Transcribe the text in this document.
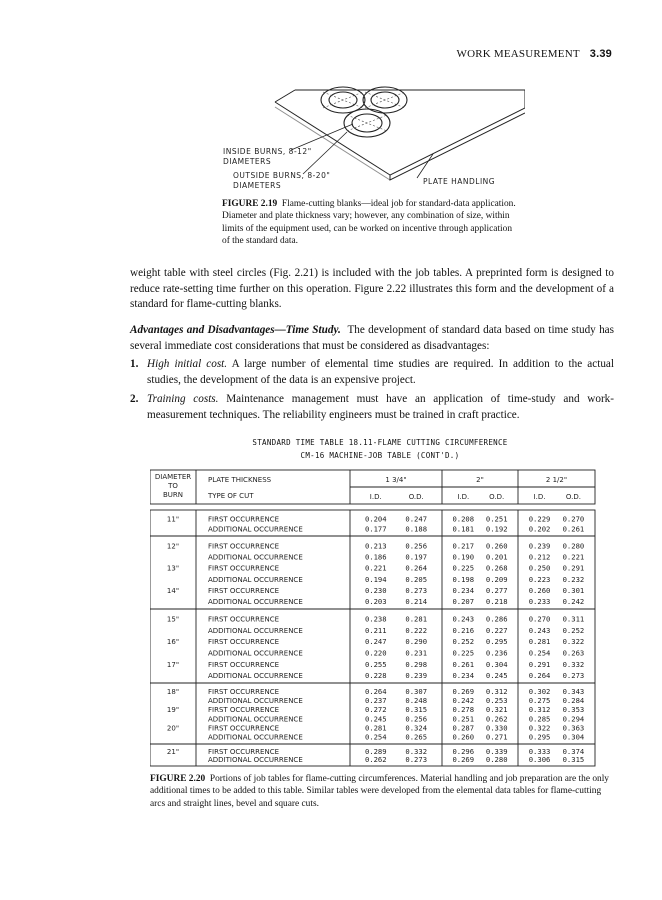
WORK MEASUREMENT 3.39
INSIDE BURNS, 8-12"
DIAMETERS
OUTSIDE BURNS, 8-20"
DIAMETERS	PLATE HANDLING
FIGURE 2.19 Flame-cutting blanks—ideal job for standard-data application. Diameter and plate thickness vary; however, any combination of size, within limits of the equipment used, can be worked on incentive through application of the standard data.
weight table with steel circles (Fig. 2.21) is included with the job tables. A preprinted form is designed to reduce rate-setting time further on this operation. Figure 2.22 illustrates this form and the development of a standard for flame-cutting blanks.
Advantages and Disadvantages—Time Study. The development of standard data based on time study has several immediate cost considerations that must be considered as disadvantages:
1. High initial cost. A large number of elemental time studies are required. In addition to the actual studies, the development of the data is an expensive project.
2. Training costs. Maintenance management must have an application of time-study and work-measurement techniques. The reliability engineers must be trained in craft practice.
STANDARD TIME TABLE 18.11-FLAME CUTTING CIRCUMFERENCE
CM-16 MACHINE-JOB TABLE (CONT'D.)
DIAMETER
TO
BURN
PLATE THICKNESS
TYPE OF CUT
1 3/4"
I.D.	O.D.
2"
I.D.	O.D.
2 1/2"
I.D.	O.D.
11"	FIRST OCCURRENCE	0.204	0.247	0.208 0.251	0.229 0.270
ADDITIONAL OCCURRENCE	0.177	0.188	0.181 0.192	0.202 0.261
12"	FIRST OCCURRENCE	0.213	0.256	0.217 0.260	0.239 0.280
ADDITIONAL OCCURRENCE	0.186	0.197	0.190 0.201	0.212 0.221
13"	FIRST OCCURRENCE	0.221	0.264	0.225 0.268	0.250 0.291
ADDITIONAL OCCURRENCE	0.194	0.205	0.198 0.209	0.223 0.232
14"	FIRST OCCURRENCE	0.230	0.273	0.234 0.277	0.260 0.301
ADDITIONAL OCCURRENCE	0.203	0.214	0.207 0.218	0.233 0.242
15"	FIRST OCCURRENCE	0.238	0.281	0.243 0.286	0.270 0.311
ADDITIONAL OCCURRENCE	0.211	0.222	0.216 0.227	0.243 0.252
16"	FIRST OCCURRENCE	0.247	0.290	0.252 0.295	0.281 0.322
ADDITIONAL OCCURRENCE	0.220	0.231	0.225 0.236	0.254 0.263
17"	FIRST OCCURRENCE	0.255	0.298	0.261 0.304	0.291 0.332
ADDITIONAL OCCURRENCE	0.228	0.239	0.234 0.245	0.264 0.273
18"	FIRST OCCURRENCE	0.264	0.307	0.269 0.312	0.302 0.343
ADDITIONAL OCCURRENCE	0.237	0.248	0.242 0.253	0.275 0.284
19"	FIRST OCCURRENCE	0.272	0.315	0.278 0.321	0.312 0.353
ADDITIONAL OCCURRENCE	0.245	0.256	0.251 0.262	0.285 0.294
20"	FIRST OCCURRENCE	0.281	0.324	0.287 0.330	0.322 0.363
ADDITIONAL OCCURRENCE	0.254	0.265	0.260 0.271	0.295 0.304
21"	FIRST OCCURRENCE	0.289	0.332	0.296 0.339	0.333 0.374
ADDITIONAL OCCURRENCE	0.262	0.273	0.269 0.280	0.306 0.315
FIGURE 2.20 Portions of job tables for flame-cutting circumferences. Material handling and job preparation are the only additional times to be added to this table. Similar tables were developed from the elemental data tables for flame-cutting arcs and straight lines, bevel and square cuts.
